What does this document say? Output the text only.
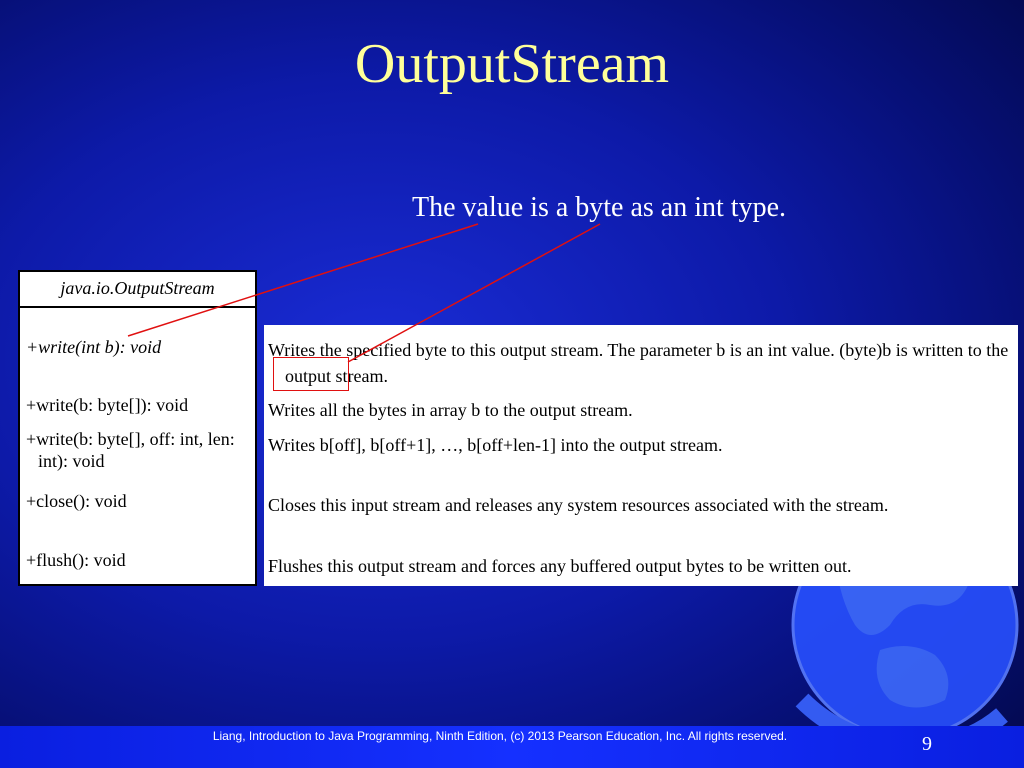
OutputStream
The value is a byte as an int type.
java.io.OutputStream
+write(int b): void
+write(b: byte[]): void
+write(b: byte[], off: int, len: int): void
+close(): void
+flush(): void
Writes the specified byte to this output stream. The parameter b is an int value. (byte)b is written to the output stream.
Writes all the bytes in array b to the output stream.
Writes b[off], b[off+1], …, b[off+len-1] into the output stream.
Closes this input stream and releases any system resources associated with the stream.
Flushes this output stream and forces any buffered output bytes to be written out.
Liang, Introduction to Java Programming, Ninth Edition, (c) 2013 Pearson Education, Inc. All rights reserved.	9
